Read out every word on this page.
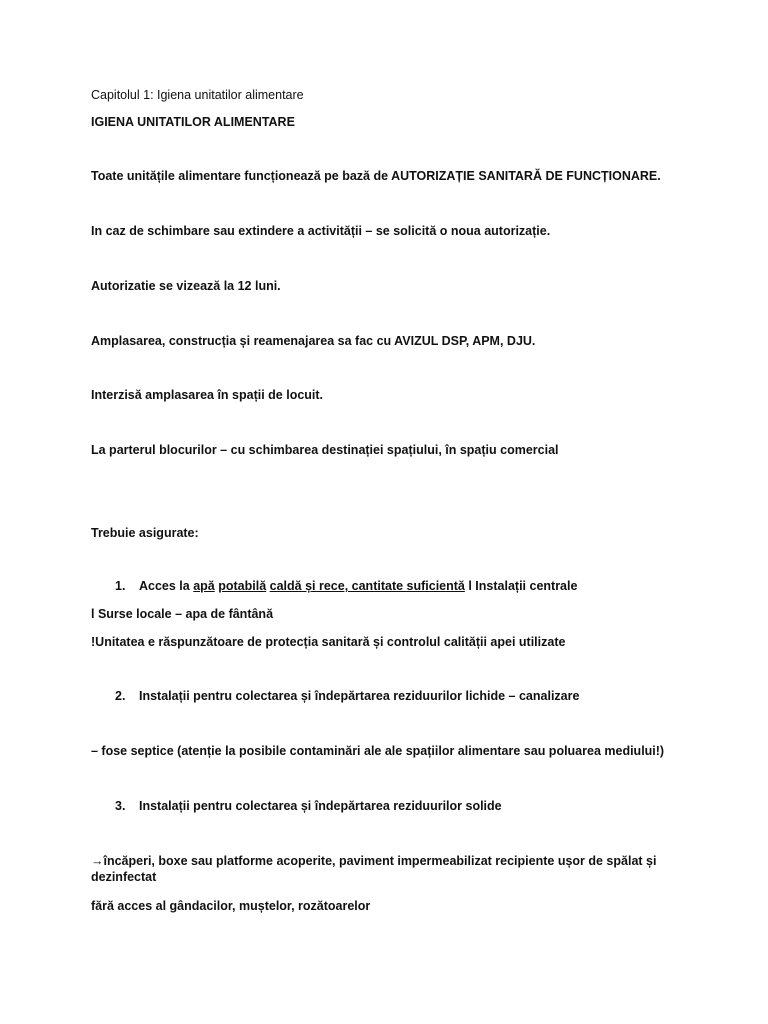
Capitolul 1: Igiena unitatilor alimentare
IGIENA UNITATILOR ALIMENTARE
Toate unitățile alimentare funcționează pe bază de AUTORIZAȚIE SANITARĂ DE FUNCȚIONARE.
In caz de schimbare sau extindere a activității – se solicită o noua autorizație.
Autorizatie se vizează la 12 luni.
Amplasarea, construcția și reamenajarea sa fac cu AVIZUL DSP, APM, DJU.
Interzisă amplasarea în spații de locuit.
La parterul blocurilor – cu schimbarea destinației spațiului, în spațiu comercial
Trebuie asigurate:
1. Acces la apă potabilă caldă și rece, cantitate suficientă l Instalații centrale
l Surse locale – apa de fântână
!Unitatea e răspunzătoare de protecția sanitară și controlul calității apei utilizate
2. Instalații pentru colectarea și îndepărtarea reziduurilor lichide – canalizare
– fose septice (atenție la posibile contaminări ale ale spațiilor alimentare sau poluarea mediului!)
3. Instalații pentru colectarea și îndepărtarea reziduurilor solide
→încăperi, boxe sau platforme acoperite, paviment impermeabilizat recipiente ușor de spălat și dezinfectat
fără acces al gândacilor, muștelor, rozătoarelor
